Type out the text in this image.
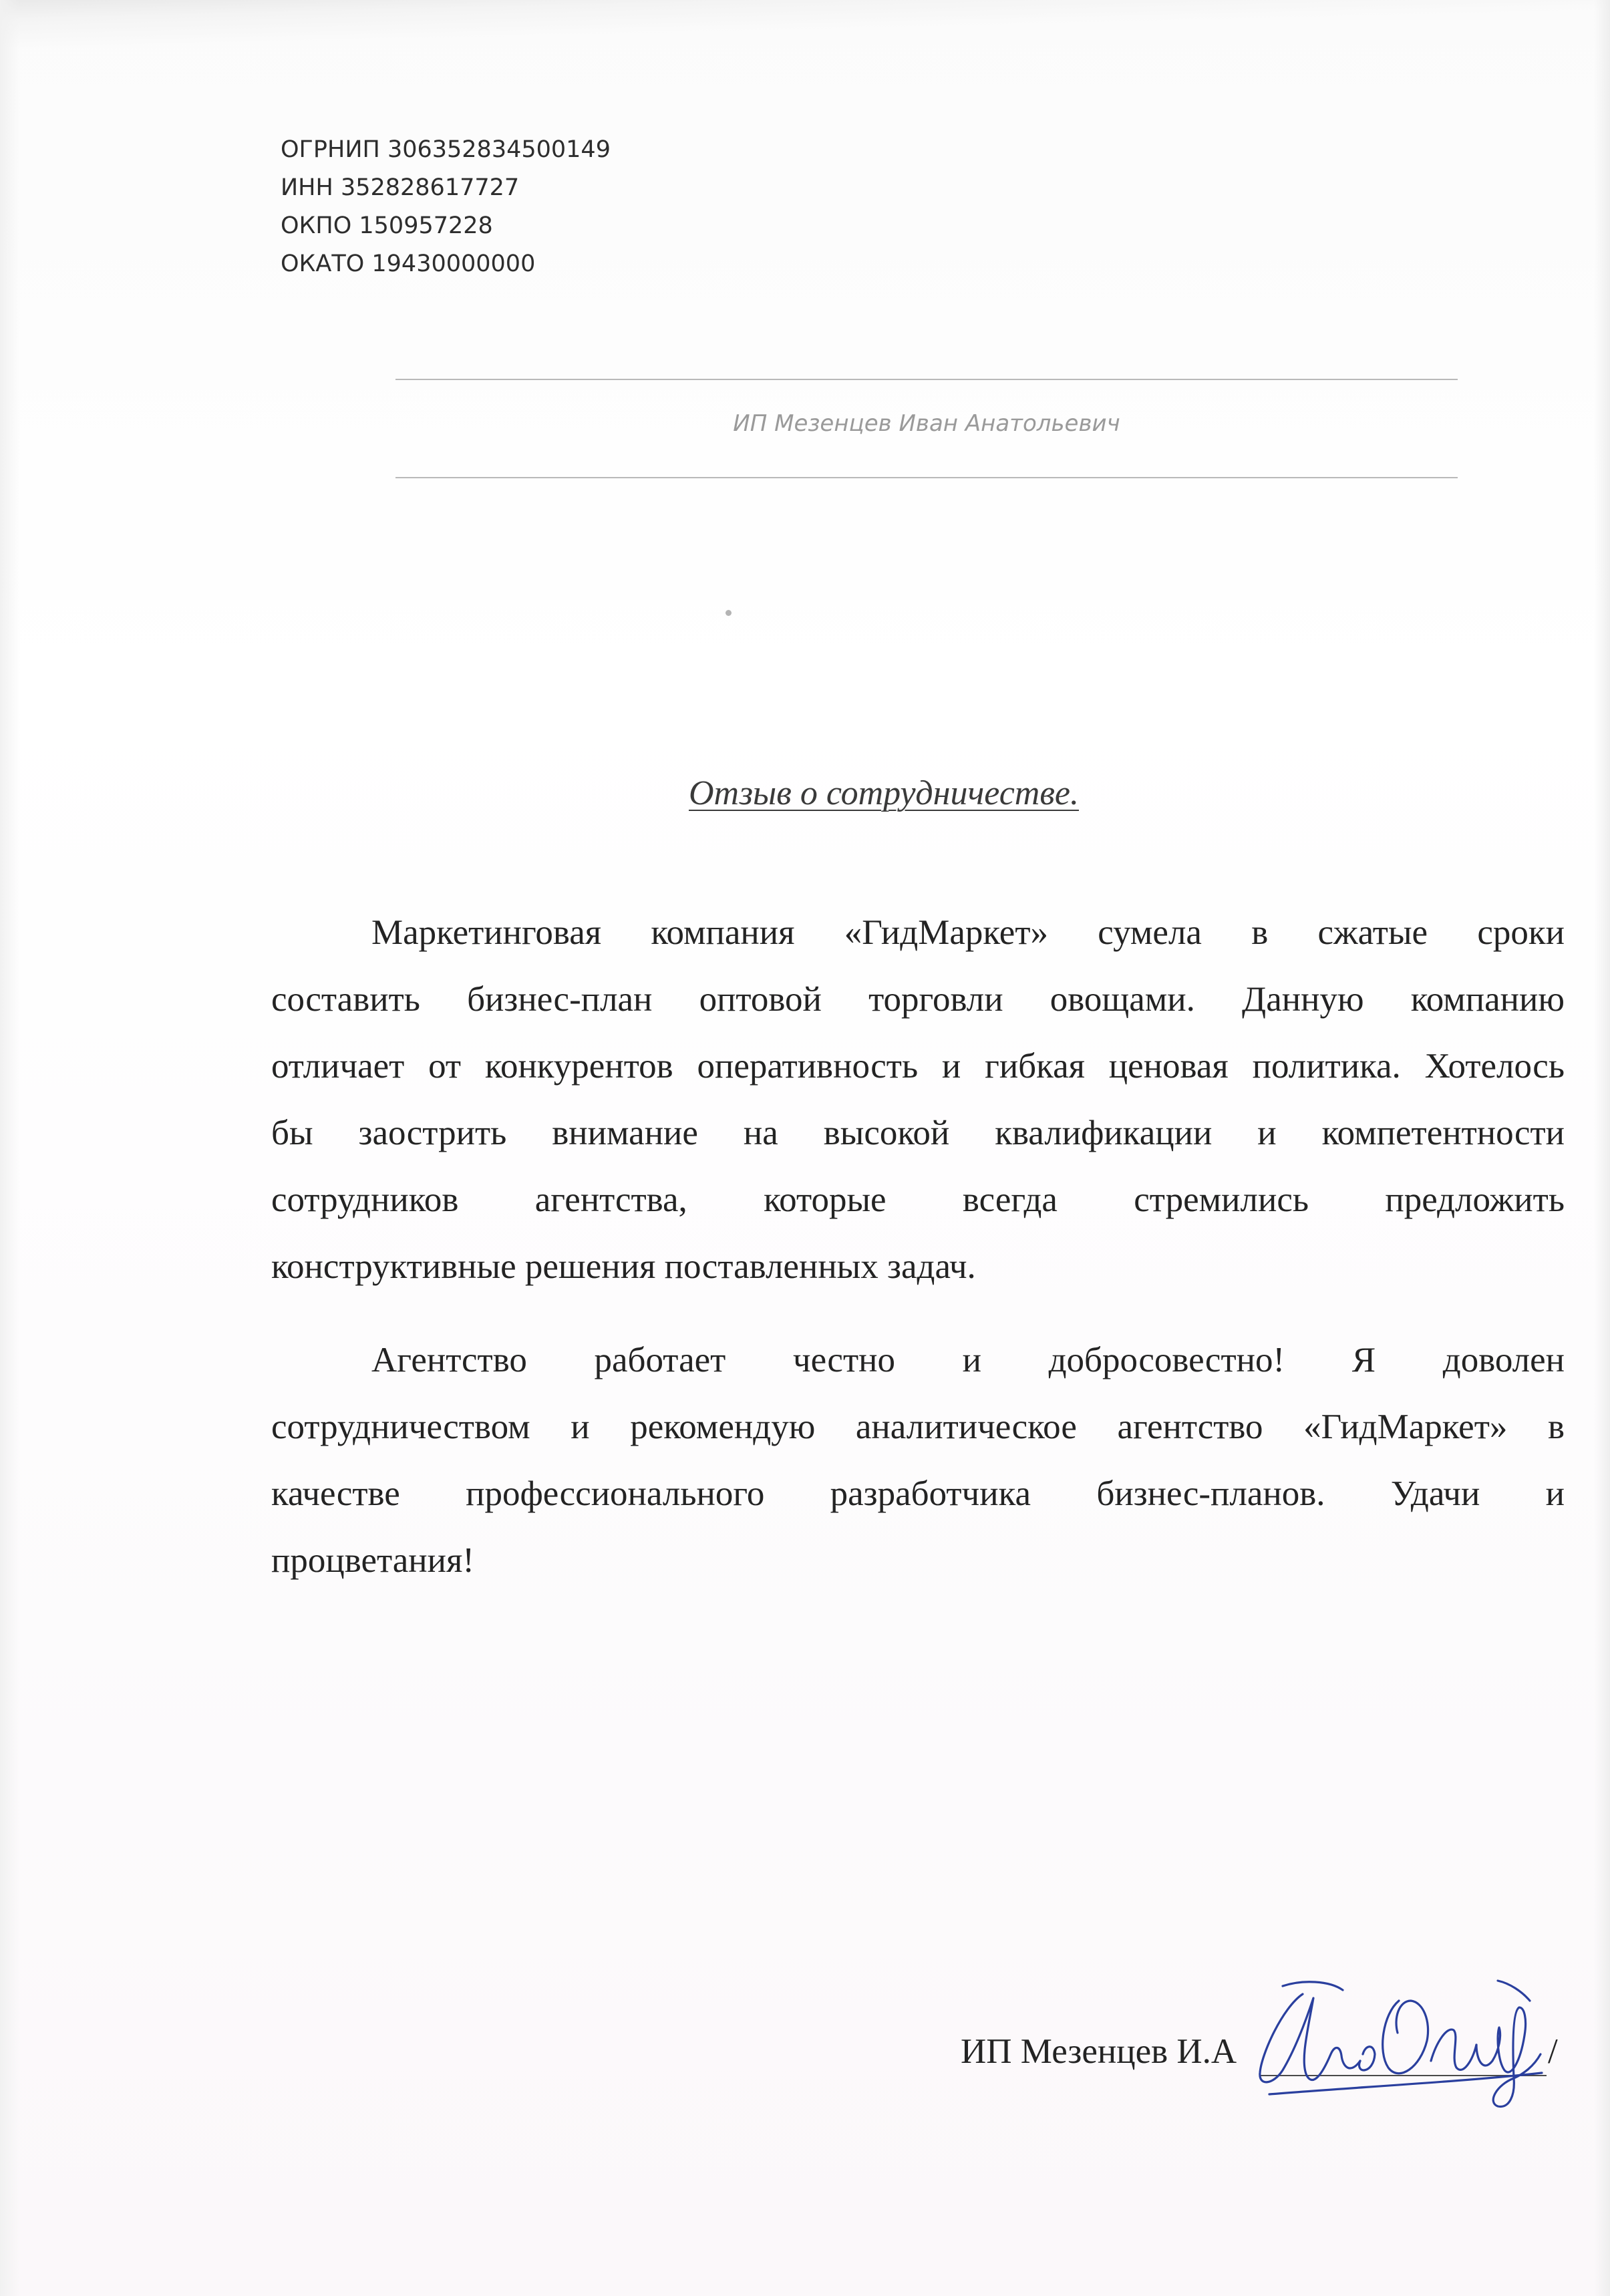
ОГРНИП 306352834500149
ИНН 352828617727
ОКПО 150957228
ОКАТО 19430000000
ИП Мезенцев Иван Анатольевич
Отзыв о сотрудничестве.
Маркетинговая компания «ГидМаркет» сумела в сжатые сроки
составить бизнес-план оптовой торговли овощами. Данную компанию
отличает от конкурентов оперативность и гибкая ценовая политика. Хотелось
бы заострить внимание на высокой квалификации и компетентности
сотрудников агентства, которые всегда стремились предложить
конструктивные решения поставленных задач.
Агентство работает честно и добросовестно! Я доволен
сотрудничеством и рекомендую аналитическое агентство «ГидМаркет» в
качестве профессионального разработчика бизнес-планов. Удачи и
процветания!
ИП Мезенцев И.А	/
